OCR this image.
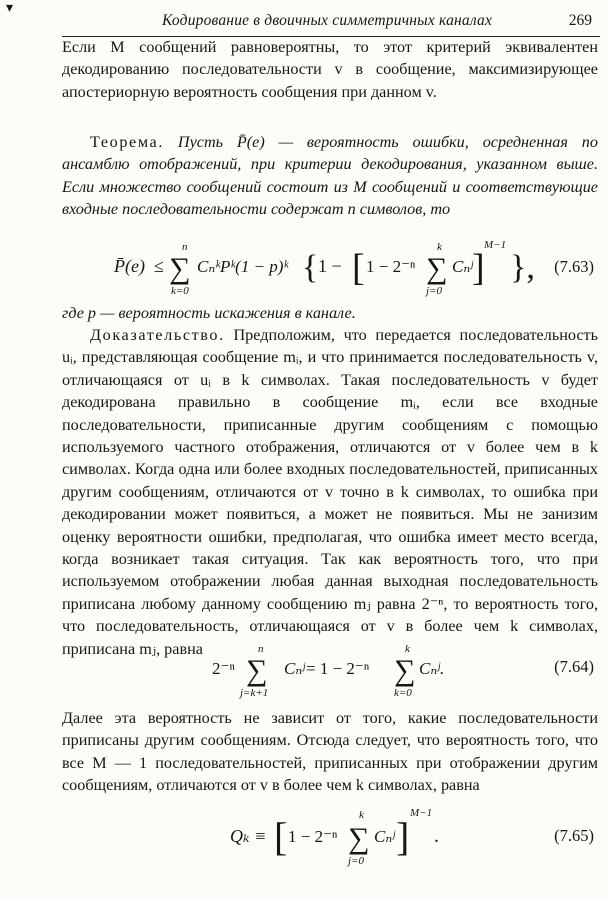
▾
Кодирование в двоичных симметричных каналах	269

Если M сообщений равновероятны, то этот критерий эквивалентен декодированию последовательности v в сообщение, максимизирующее апостериорную вероятность сообщения при данном v.

Теорема. Пусть P̄(e) — вероятность ошибки, осредненная по ансамблю отображений, при критерии декодирования, указанном выше. Если множество сообщений состоит из M сообщений и соответствующие входные последовательности содержат n символов, то

P̄(e) ≤
n
∑
k=0
CₙᵏPᵏ(1 − p)ᵏ { 1 − [ 1 − 2⁻ⁿ
k
∑
j=0
Cₙʲ
]
M−1
}, (7.63)

где p — вероятность искажения в канале.

Доказательство. Предположим, что передается последовательность uᵢ, представляющая сообщение mᵢ, и что принимается последовательность v, отличающаяся от uᵢ в k символах. Такая последовательность v будет декодирована правильно в сообщение mᵢ, если все входные последовательности, приписанные другим сообщениям с помощью используемого частного отображения, отличаются от v более чем в k символах. Когда одна или более входных последовательностей, приписанных другим сообщениям, отличаются от v точно в k символах, то ошибка при декодировании может появиться, а может не появиться. Мы не занизим оценку вероятности ошибки, предполагая, что ошибка имеет место всегда, когда возникает такая ситуация. Так как вероятность того, что при используемом отображении любая данная выходная последовательность приписана любому данному сообщению mⱼ равна 2⁻ⁿ, то вероятность того, что последовательность, отличающаяся от v в более чем k символах, приписана mⱼ, равна

2⁻ⁿ
n
∑
j=k+1
Cₙʲ = 1 − 2⁻ⁿ
k
∑
k=0
Cₙʲ.	(7.64)

Далее эта вероятность не зависит от того, какие последовательности приписаны другим сообщениям. Отсюда следует, что вероятность того, что все M — 1 последовательностей, приписанных при отображении другим сообщениям, отличаются от v в более чем k символах, равна

Qₖ ≡ [ 1 − 2⁻ⁿ
k
∑
j=0
Cₙʲ ]
M−1
.	(7.65)
